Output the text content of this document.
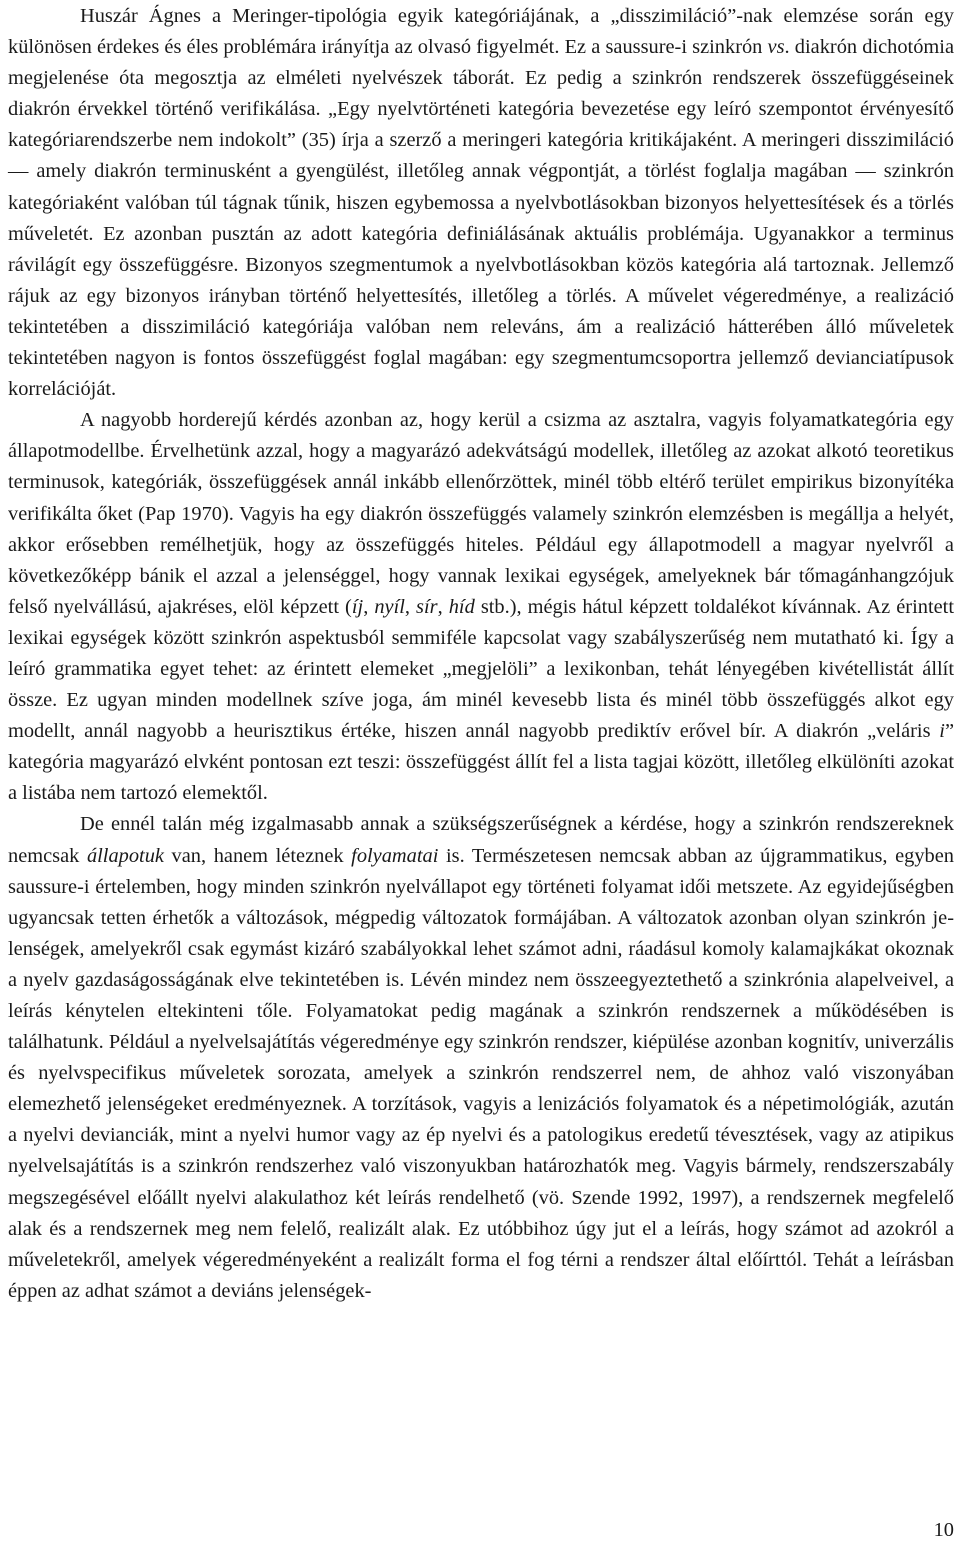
Huszár Ágnes a Meringer-tipológia egyik kategóriájának, a „disszimiláció”-nak elemzése során egy különösen érdekes és éles problémára irányítja az olvasó figyelmét. Ez a saussure-i szinkrón vs. diakrón dichotómia megjelenése óta megosztja az elméleti nyelvészek táborát. Ez pedig a szinkrón rendszerek összefüggéseinek diakrón érvekkel történő verifikálása. „Egy nyelvtörténeti kategória bevezetése egy leíró szempontot érvényesítő kategóriarendszerbe nem indokolt” (35) írja a szerző a meringeri kategória kritikájaként. A meringeri disszimiláció — amely diakrón terminusként a gyengülést, illetőleg annak végpontját, a törlést foglalja magában — szinkrón kategóriaként valóban túl tágnak tűnik, hiszen egybemossa a nyelvbotlásokban bizonyos helyettesítések és a törlés műveletét. Ez azonban pusztán az adott kategória definiálásának aktuális problémája. Ugyanakkor a terminus rávilágít egy összefüggésre. Bizonyos szegmentumok a nyelvbotlásokban közös kategória alá tartoznak. Jellemző rájuk az egy bizonyos irányban történő helyettesítés, illetőleg a törlés. A művelet végeredménye, a realizáció tekintetében a disszimiláció kategóriája valóban nem releváns, ám a realizáció hátterében álló műveletek tekintetében nagyon is fontos összefüggést foglal magában: egy szegmentumcsoportra jellemző devianciatípusok korrelációját.

A nagyobb horderejű kérdés azonban az, hogy kerül a csizma az asztalra, vagyis folyamatkategória egy állapotmodellbe. Érvelhetünk azzal, hogy a magyarázó adekvátságú modellek, illetőleg az azokat alkotó teoretikus terminusok, kategóriák, összefüggések annál inkább ellenőrzöttek, minél több eltérő terület empirikus bizonyítéka verifikálta őket (Pap 1970). Vagyis ha egy diakrón összefüggés valamely szinkrón elemzésben is megállja a helyét, akkor erősebben remélhetjük, hogy az összefüggés hiteles. Például egy állapotmodell a magyar nyelvről a következőképp bánik el azzal a jelenséggel, hogy vannak lexikai egységek, amelyeknek bár tőmagánhangzójuk felső nyelvállású, ajakréses, elöl képzett (íj, nyíl, sír, híd stb.), mégis hátul képzett toldalékot kívánnak. Az érintett lexikai egységek között szinkrón aspektusból semmiféle kapcsolat vagy szabályszerűség nem mutatható ki. Így a leíró grammatika egyet tehet: az érintett elemeket „megjelöli” a lexikonban, tehát lényegében kivétellistát állít össze. Ez ugyan minden modellnek szíve joga, ám minél kevesebb lista és minél több összefüggés alkot egy modellt, annál nagyobb a heurisztikus értéke, hiszen annál nagyobb prediktív erővel bír. A diakrón „veláris i” kategória magyarázó elvként pontosan ezt teszi: összefüggést állít fel a lista tagjai között, illetőleg elkülöníti azokat a listába nem tartozó elemektől.

De ennél talán még izgalmasabb annak a szükségszerűségnek a kérdése, hogy a szinkrón rendszereknek nemcsak állapotuk van, hanem léteznek folyamatai is. Természetesen nemcsak abban az újgrammatikus, egyben saussure-i értelemben, hogy minden szinkrón nyelvállapot egy történeti folyamat idői metszete. Az egyidejűségben ugyancsak tetten érhetők a változások, mégpedig változatok formájában. A változatok azonban olyan szinkrón jelenségek, amelyekről csak egymást kizáró szabályokkal lehet számot adni, ráadásul komoly kalamajkákat okoznak a nyelv gazdaságosságának elve tekintetében is. Lévén mindez nem összeegyeztethető a szinkrónia alapelveivel, a leírás kénytelen eltekinteni tőle. Folyamatokat pedig magának a szinkrón rendszernek a működésében is találhatunk. Például a nyelvelsajátítás végeredménye egy szinkrón rendszer, kiépülése azonban kognitív, univerzális és nyelvspecifikus műveletek sorozata, amelyek a szinkrón rendszerrel nem, de ahhoz való viszonyában elemezhető jelenségeket eredményeznek. A torzítások, vagyis a lenizációs folyamatok és a népetimológiák, azután a nyelvi devianciák, mint a nyelvi humor vagy az ép nyelvi és a patologikus eredetű tévesztések, vagy az atipikus nyelvelsajátítás is a szinkrón rendszerhez való viszonyukban határozhatók meg. Vagyis bármely, rendszerszabály megszegésével előállt nyelvi alakulathoz két leírás rendelhető (vö. Szende 1992, 1997), a rendszernek megfelelő alak és a rendszernek meg nem felelő, realizált alak. Ez utóbbihoz úgy jut el a leírás, hogy számot ad azokról a műveletekről, amelyek végeredményeként a realizált forma el fog térni a rendszer által előírttól. Tehát a leírásban éppen az adhat számot a deviáns jelenségek-

10
